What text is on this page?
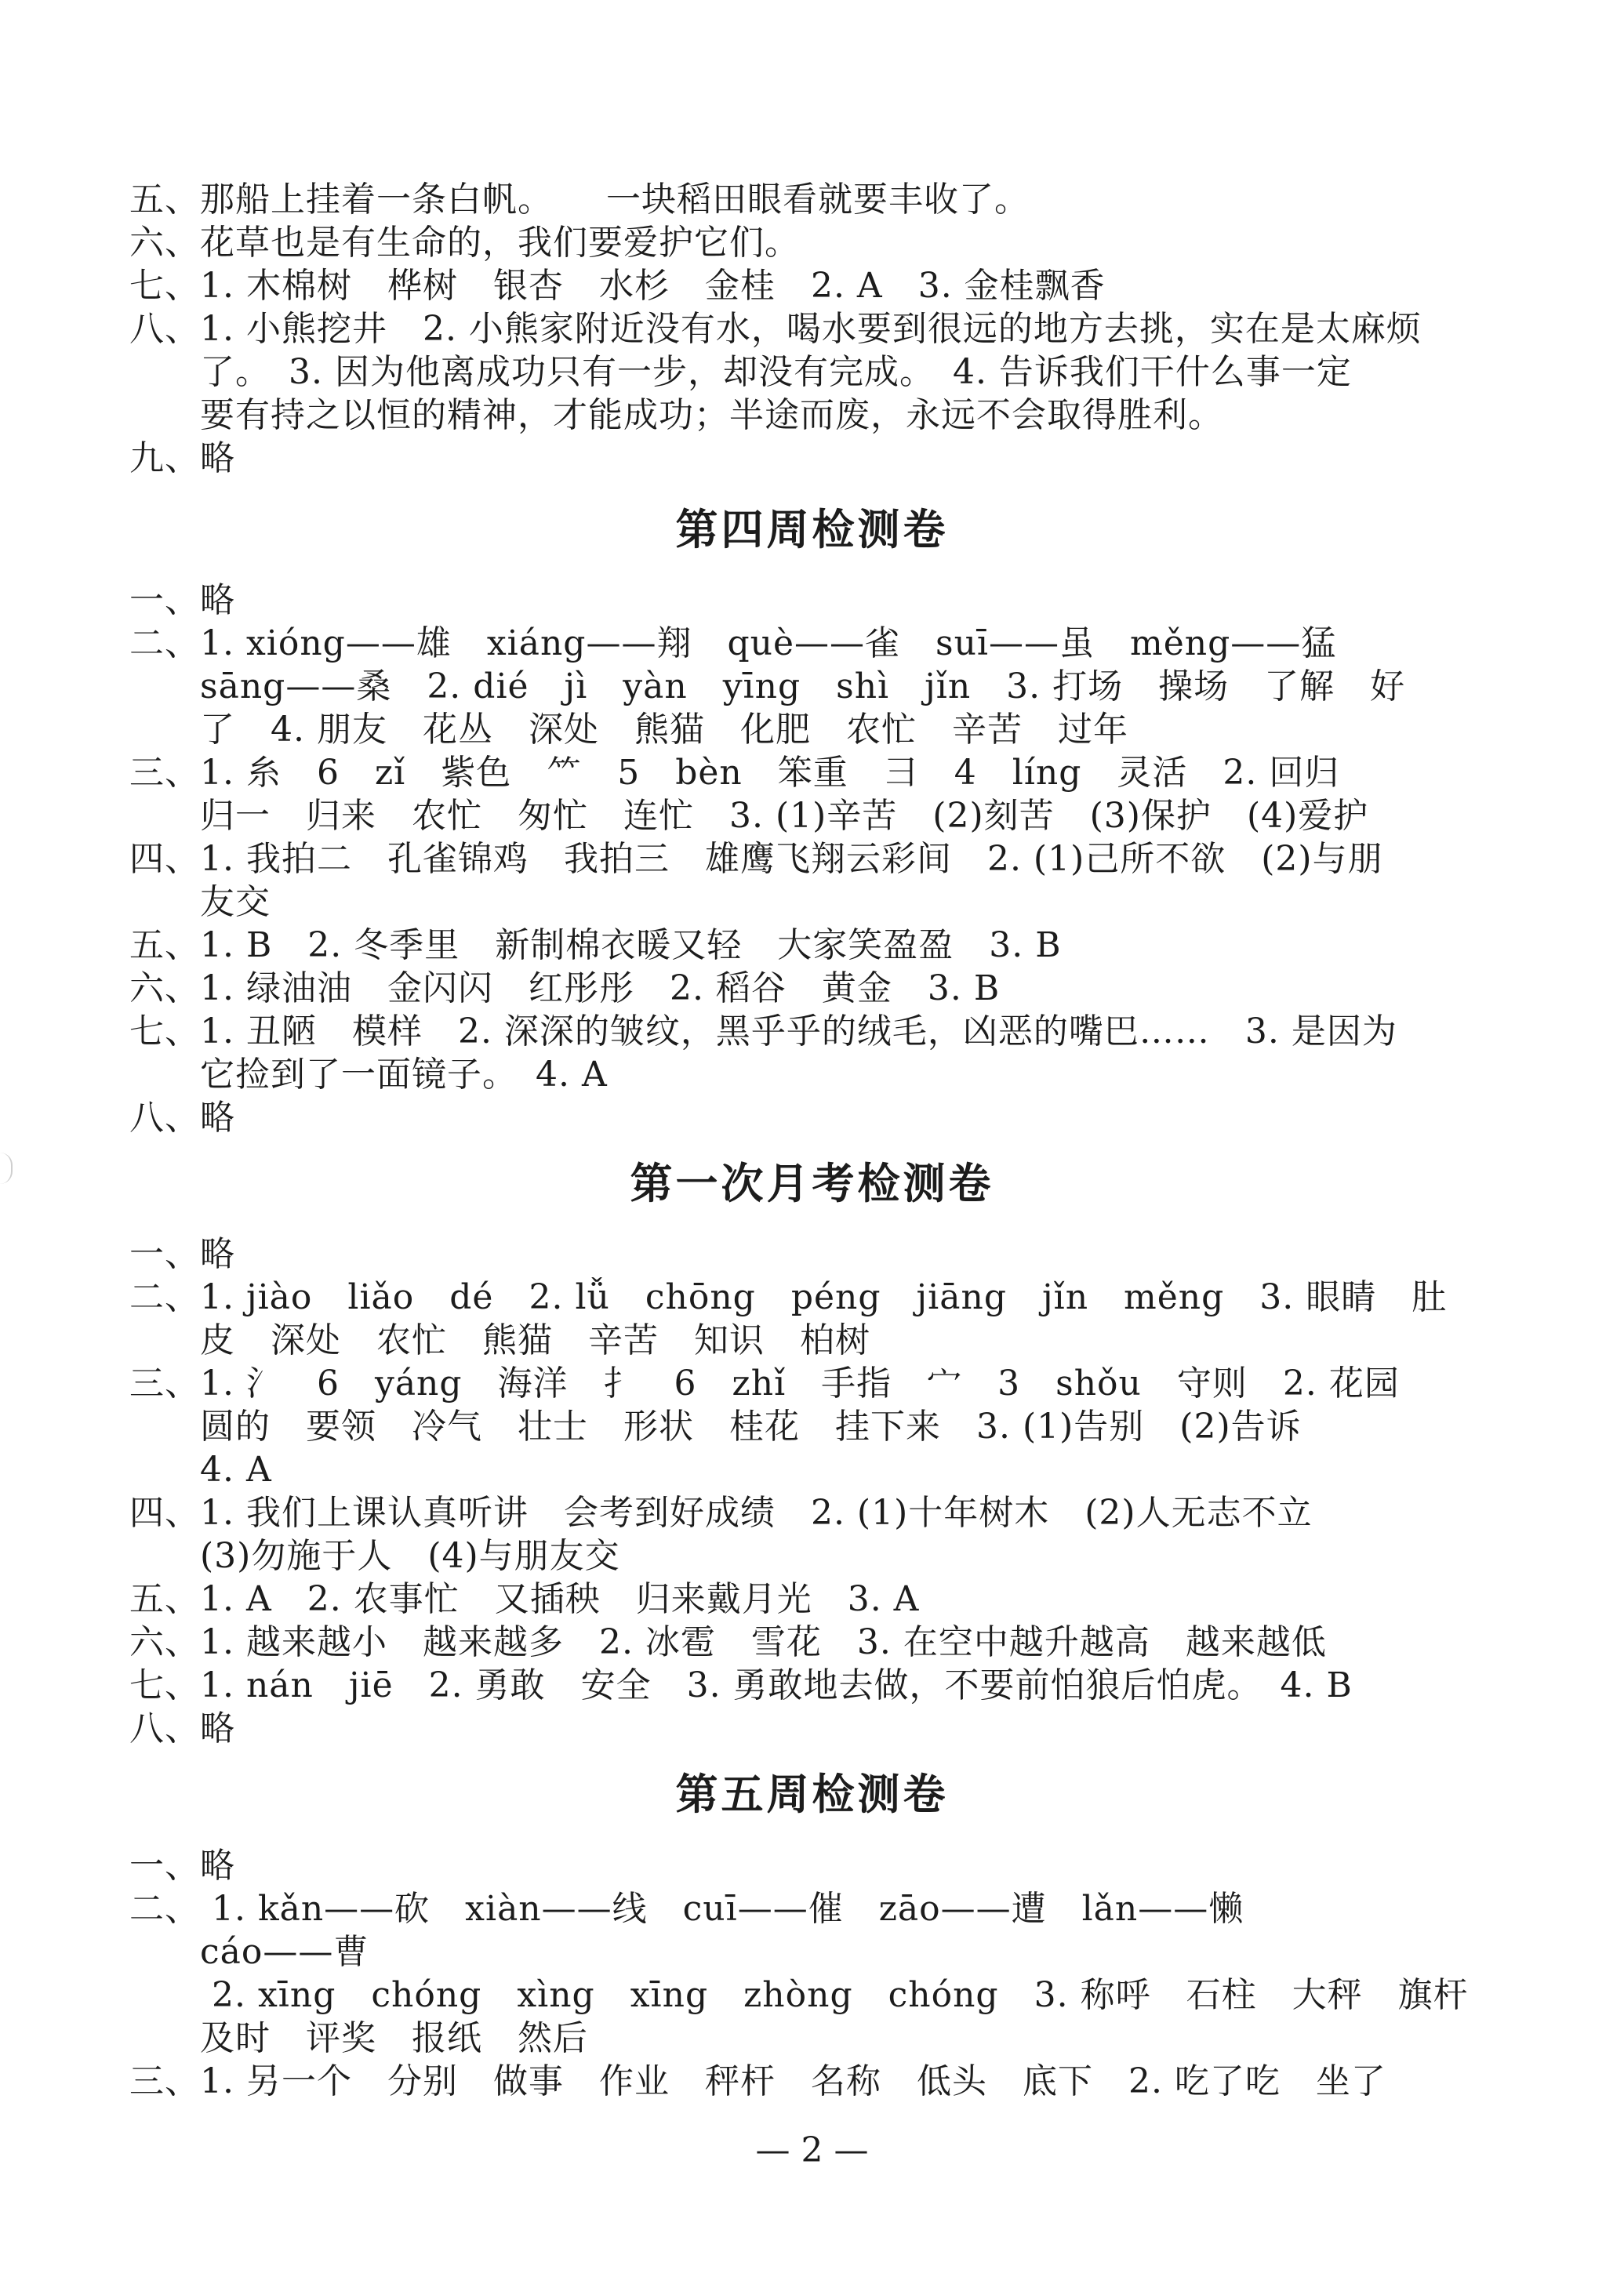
五、那船上挂着一条白帆。　　一块稻田眼看就要丰收了。
六、花草也是有生命的，我们要爱护它们。
七、1. 木棉树　桦树　银杏　水杉　金桂　2. A　3. 金桂飘香
八、1. 小熊挖井　2. 小熊家附近没有水，喝水要到很远的地方去挑，实在是太麻烦
了。　3. 因为他离成功只有一步，却没有完成。　4. 告诉我们干什么事一定
要有持之以恒的精神，才能成功；半途而废，永远不会取得胜利。
九、略
第四周检测卷
一、略
二、1. xióng——雄　xiáng——翔　què——雀　suī——虽　měng——猛
sāng——桑　2. dié　jì　yàn　yīng　shì　jǐn　3. 打场　操场　了解　好
了　4. 朋友　花丛　深处　熊猫　化肥　农忙　辛苦　过年
三、1. 糸　6　zǐ　紫色　⺮　5　bèn　笨重　彐　4　líng　灵活　2. 回归
归一　归来　农忙　匆忙　连忙　3. (1)辛苦　(2)刻苦　(3)保护　(4)爱护
四、1. 我拍二　孔雀锦鸡　我拍三　雄鹰飞翔云彩间　2. (1)己所不欲　(2)与朋
友交
五、1. B　2. 冬季里　新制棉衣暖又轻　大家笑盈盈　3. B
六、1. 绿油油　金闪闪　红彤彤　2. 稻谷　黄金　3. B
七、1. 丑陋　模样　2. 深深的皱纹，黑乎乎的绒毛，凶恶的嘴巴……　3. 是因为
它捡到了一面镜子。　4. A
八、略
第一次月考检测卷
一、略
二、1. jiào　liǎo　dé　2. lǚ　chōng　péng　jiāng　jǐn　měng　3. 眼睛　肚
皮　深处　农忙　熊猫　辛苦　知识　柏树
三、1. 氵　6　yáng　海洋　扌　6　zhǐ　手指　宀　3　shǒu　守则　2. 花园
圆的　要领　冷气　壮士　形状　桂花　挂下来　3. (1)告别　(2)告诉
4. A
四、1. 我们上课认真听讲　会考到好成绩　2. (1)十年树木　(2)人无志不立
(3)勿施于人　(4)与朋友交
五、1. A　2. 农事忙　又插秧　归来戴月光　3. A
六、1. 越来越小　越来越多　2. 冰雹　雪花　3. 在空中越升越高　越来越低
七、1. nán　jiē　2. 勇敢　安全　3. 勇敢地去做，不要前怕狼后怕虎。　4. B
八、略
第五周检测卷
一、略
二、 1. kǎn——砍　xiàn——线　cuī——催　zāo——遭　lǎn——懒
cáo——曹
2. xīng　chóng　xìng　xīng　zhòng　chóng　3. 称呼　石柱　大秤　旗杆
及时　评奖　报纸　然后
三、1. 另一个　分别　做事　作业　秤杆　名称　低头　底下　2. 吃了吃　坐了
— 2 —
